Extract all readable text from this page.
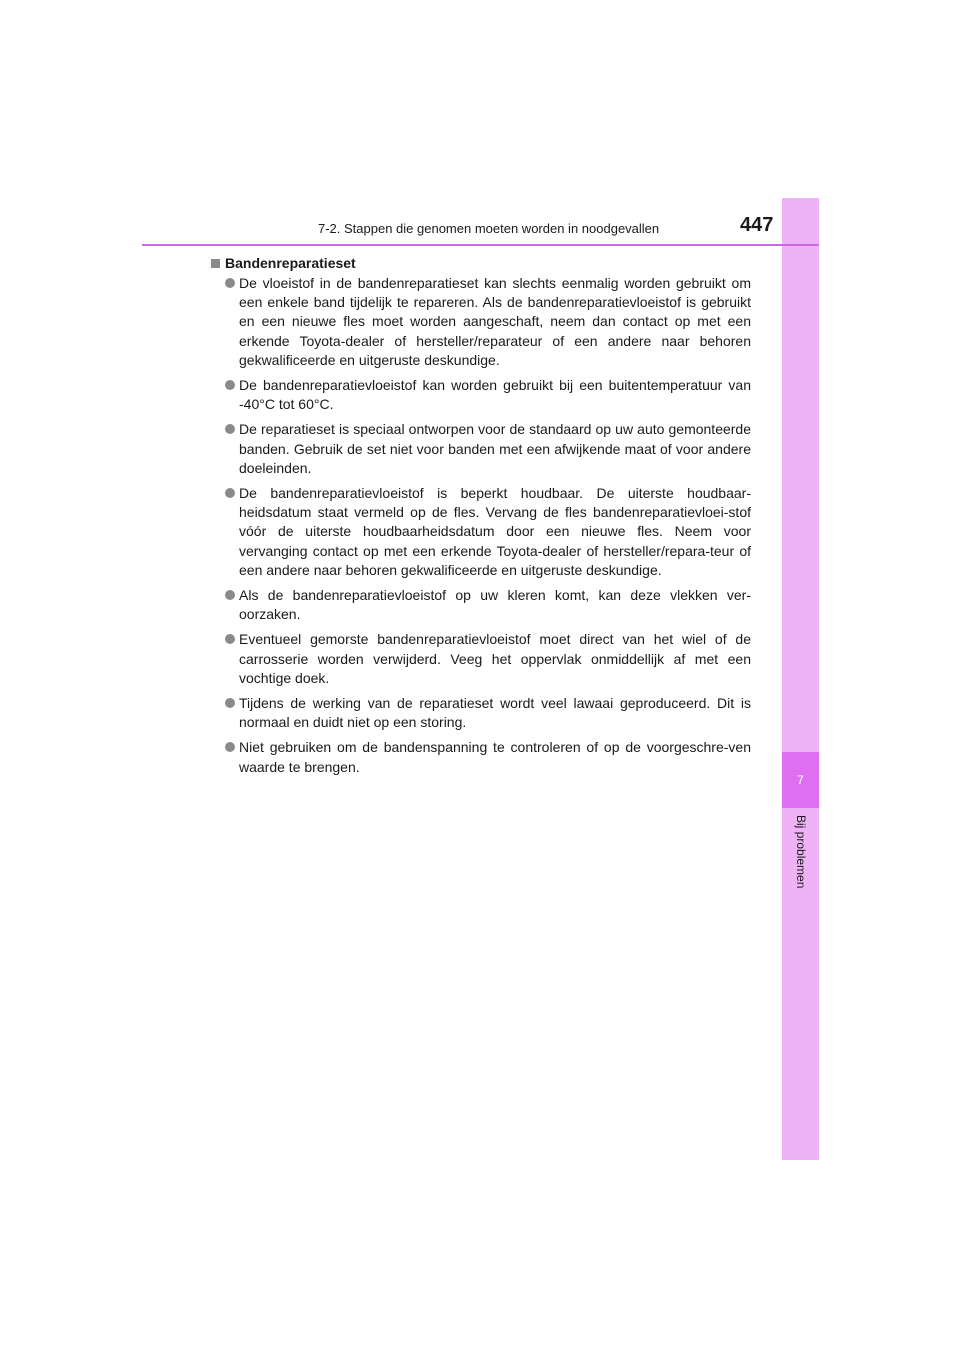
7
Bij problemen
7-2. Stappen die genomen moeten worden in noodgevallen	447
Bandenreparatieset
De vloeistof in de bandenreparatieset kan slechts eenmalig worden gebruikt om een enkele band tijdelijk te repareren. Als de bandenreparatievloeistof is gebruikt en een nieuwe fles moet worden aangeschaft, neem dan contact op met een erkende Toyota-dealer of hersteller/reparateur of een andere naar behoren gekwalificeerde en uitgeruste deskundige.
De bandenreparatievloeistof kan worden gebruikt bij een buitentemperatuur van -40°C tot 60°C.
De reparatieset is speciaal ontworpen voor de standaard op uw auto gemonteerde banden. Gebruik de set niet voor banden met een afwijkende maat of voor andere doeleinden.
De bandenreparatievloeistof is beperkt houdbaar. De uiterste houdbaar-heidsdatum staat vermeld op de fles. Vervang de fles bandenreparatievloei-stof vóór de uiterste houdbaarheidsdatum door een nieuwe fles. Neem voor vervanging contact op met een erkende Toyota-dealer of hersteller/repara-teur of een andere naar behoren gekwalificeerde en uitgeruste deskundige.
Als de bandenreparatievloeistof op uw kleren komt, kan deze vlekken ver-oorzaken.
Eventueel gemorste bandenreparatievloeistof moet direct van het wiel of de carrosserie worden verwijderd. Veeg het oppervlak onmiddellijk af met een vochtige doek.
Tijdens de werking van de reparatieset wordt veel lawaai geproduceerd. Dit is normaal en duidt niet op een storing.
Niet gebruiken om de bandenspanning te controleren of op de voorgeschre-ven waarde te brengen.
